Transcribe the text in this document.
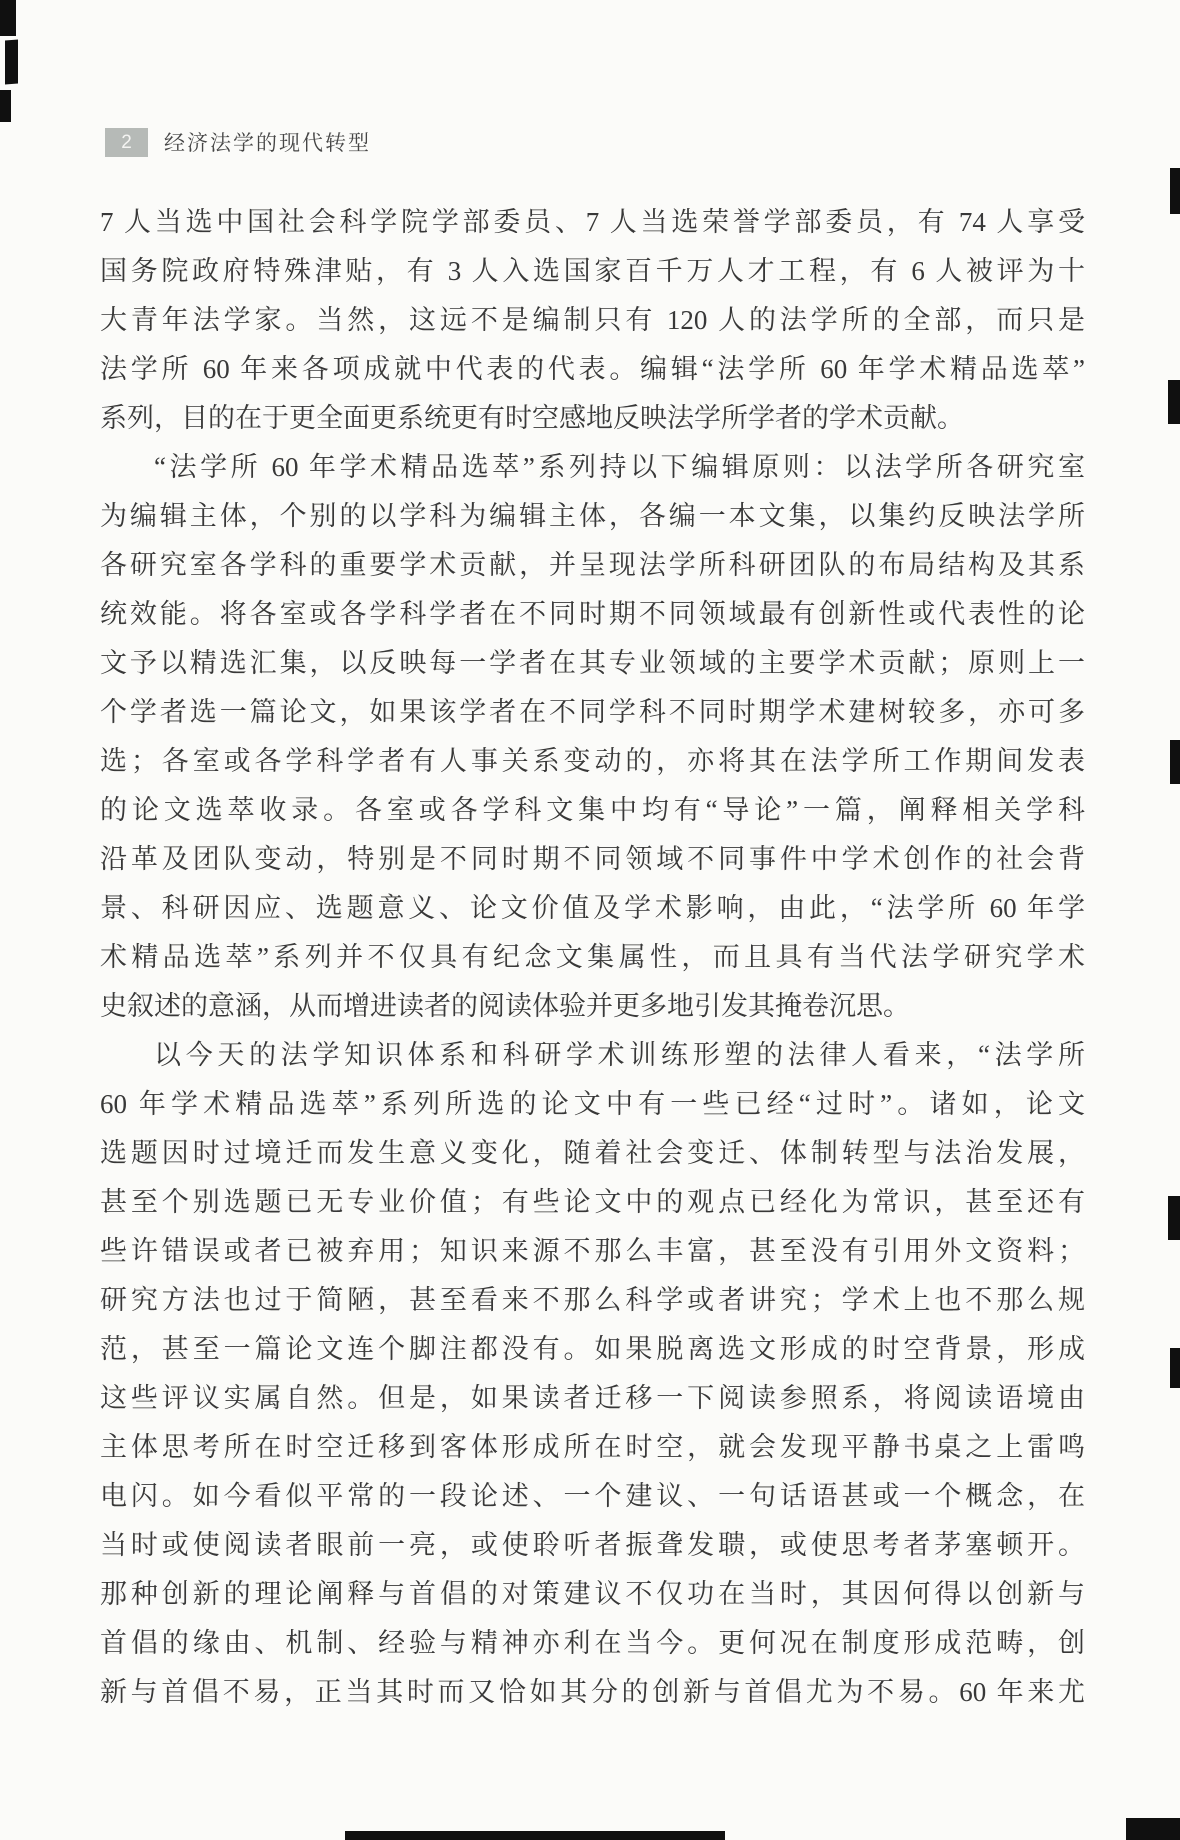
2	经济法学的现代转型
7 人当选中国社会科学院学部委员、7 人当选荣誉学部委员，有 74 人享受
国务院政府特殊津贴，有 3 人入选国家百千万人才工程，有 6 人被评为十
大青年法学家。当然，这远不是编制只有 120 人的法学所的全部，而只是
法学所 60 年来各项成就中代表的代表。编辑“法学所 60 年学术精品选萃”
系列，目的在于更全面更系统更有时空感地反映法学所学者的学术贡献。
“法学所 60 年学术精品选萃”系列持以下编辑原则：以法学所各研究室
为编辑主体，个别的以学科为编辑主体，各编一本文集，以集约反映法学所
各研究室各学科的重要学术贡献，并呈现法学所科研团队的布局结构及其系
统效能。将各室或各学科学者在不同时期不同领域最有创新性或代表性的论
文予以精选汇集，以反映每一学者在其专业领域的主要学术贡献；原则上一
个学者选一篇论文，如果该学者在不同学科不同时期学术建树较多，亦可多
选；各室或各学科学者有人事关系变动的，亦将其在法学所工作期间发表
的论文选萃收录。各室或各学科文集中均有“导论”一篇，阐释相关学科
沿革及团队变动，特别是不同时期不同领域不同事件中学术创作的社会背
景、科研因应、选题意义、论文价值及学术影响，由此，“法学所 60 年学
术精品选萃”系列并不仅具有纪念文集属性，而且具有当代法学研究学术
史叙述的意涵，从而增进读者的阅读体验并更多地引发其掩卷沉思。
以今天的法学知识体系和科研学术训练形塑的法律人看来，“法学所
60 年学术精品选萃”系列所选的论文中有一些已经“过时”。诸如，论文
选题因时过境迁而发生意义变化，随着社会变迁、体制转型与法治发展，
甚至个别选题已无专业价值；有些论文中的观点已经化为常识，甚至还有
些许错误或者已被弃用；知识来源不那么丰富，甚至没有引用外文资料；
研究方法也过于简陋，甚至看来不那么科学或者讲究；学术上也不那么规
范，甚至一篇论文连个脚注都没有。如果脱离选文形成的时空背景，形成
这些评议实属自然。但是，如果读者迁移一下阅读参照系，将阅读语境由
主体思考所在时空迁移到客体形成所在时空，就会发现平静书桌之上雷鸣
电闪。如今看似平常的一段论述、一个建议、一句话语甚或一个概念，在
当时或使阅读者眼前一亮，或使聆听者振聋发聩，或使思考者茅塞顿开。
那种创新的理论阐释与首倡的对策建议不仅功在当时，其因何得以创新与
首倡的缘由、机制、经验与精神亦利在当今。更何况在制度形成范畴，创
新与首倡不易，正当其时而又恰如其分的创新与首倡尤为不易。60 年来尤
